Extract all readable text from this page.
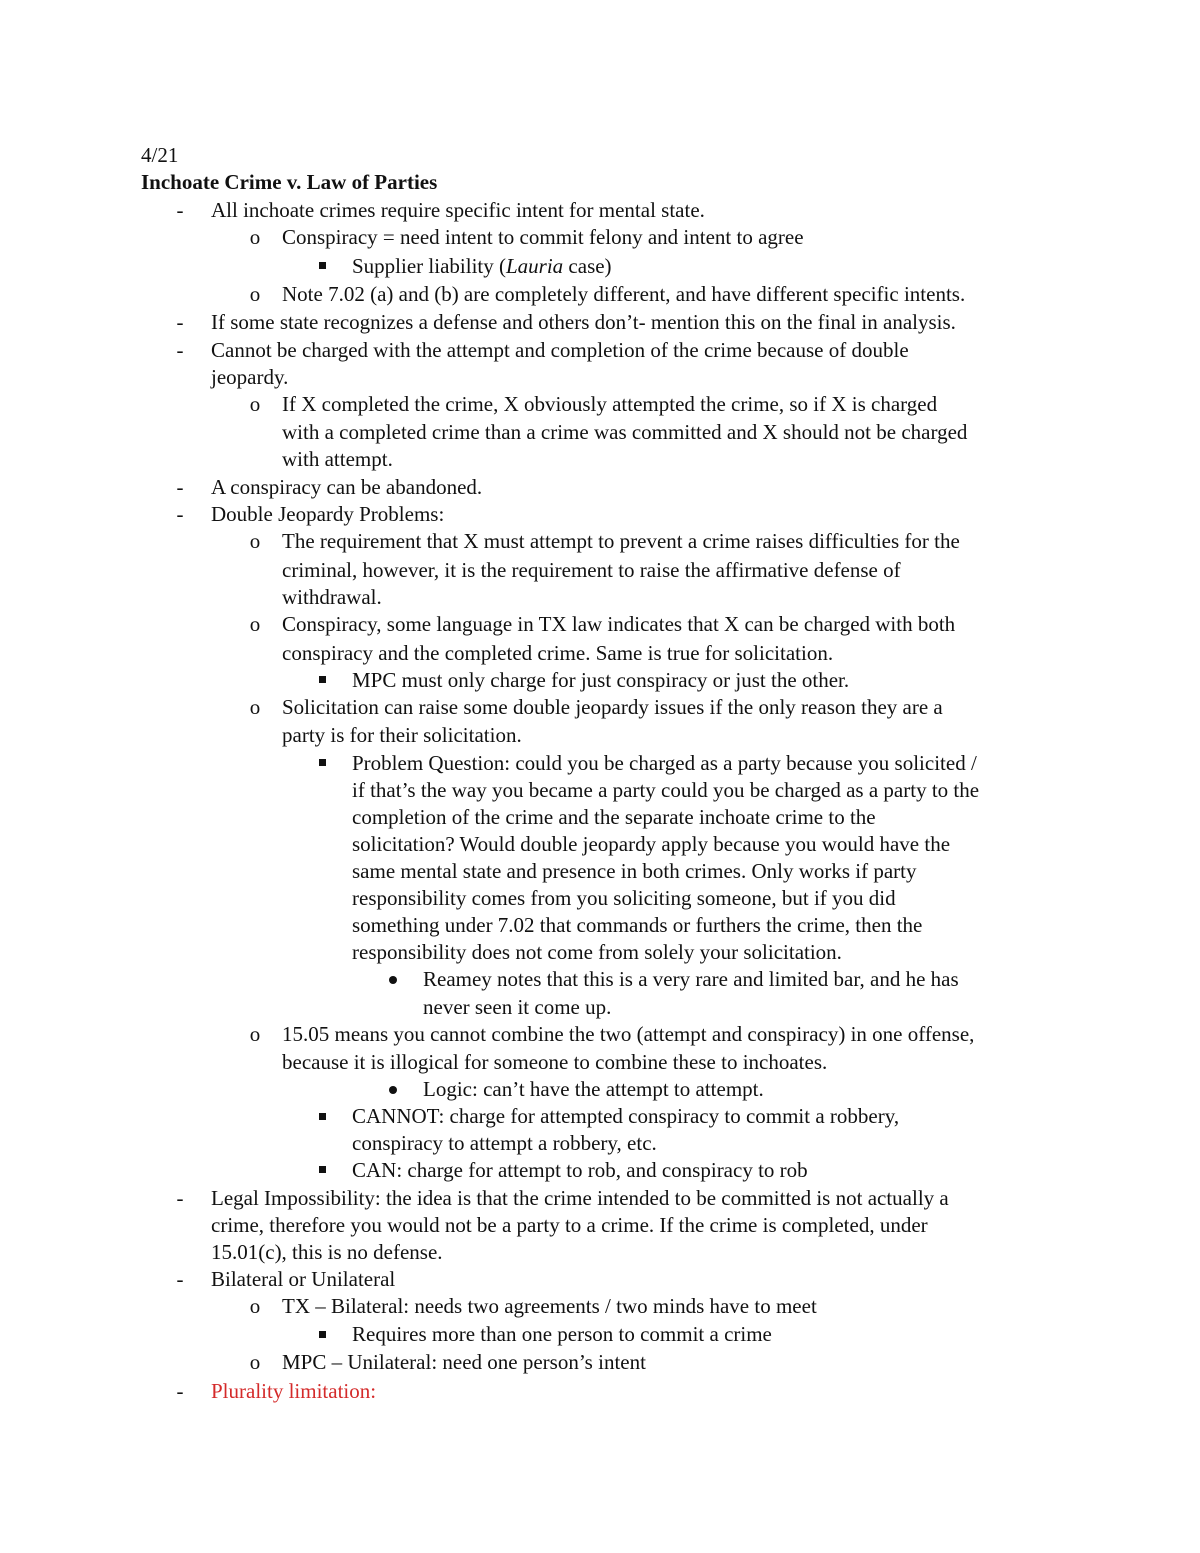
4/21

Inchoate Crime v. Law of Parties

-	All inchoate crimes require specific intent for mental state.

o Conspiracy = need intent to commit felony and intent to agree

Supplier liability (Lauria case)

o Note 7.02 (a) and (b) are completely different, and have different specific intents.

-	If some state recognizes a defense and others don’t- mention this on the final in analysis.

-	Cannot be charged with the attempt and completion of the crime because of double

jeopardy.

o If X completed the crime, X obviously attempted the crime, so if X is charged

with a completed crime than a crime was committed and X should not be charged

with attempt.

-	A conspiracy can be abandoned.

-	Double Jeopardy Problems:

o The requirement that X must attempt to prevent a crime raises difficulties for the

criminal, however, it is the requirement to raise the affirmative defense of

withdrawal.

o Conspiracy, some language in TX law indicates that X can be charged with both

conspiracy and the completed crime. Same is true for solicitation.

MPC must only charge for just conspiracy or just the other.

o Solicitation can raise some double jeopardy issues if the only reason they are a

party is for their solicitation.

Problem Question: could you be charged as a party because you solicited /

if that’s the way you became a party could you be charged as a party to the

completion of the crime and the separate inchoate crime to the

solicitation? Would double jeopardy apply because you would have the

same mental state and presence in both crimes. Only works if party

responsibility comes from you soliciting someone, but if you did

something under 7.02 that commands or furthers the crime, then the

responsibility does not come from solely your solicitation.

Reamey notes that this is a very rare and limited bar, and he has

never seen it come up.

o 15.05 means you cannot combine the two (attempt and conspiracy) in one offense,

because it is illogical for someone to combine these to inchoates.

Logic: can’t have the attempt to attempt.

CANNOT: charge for attempted conspiracy to commit a robbery,

conspiracy to attempt a robbery, etc.

CAN: charge for attempt to rob, and conspiracy to rob

-	Legal Impossibility: the idea is that the crime intended to be committed is not actually a

crime, therefore you would not be a party to a crime. If the crime is completed, under

15.01(c), this is no defense.

-	Bilateral or Unilateral

o TX – Bilateral: needs two agreements / two minds have to meet

Requires more than one person to commit a crime

o MPC – Unilateral: need one person’s intent

-	Plurality limitation:
